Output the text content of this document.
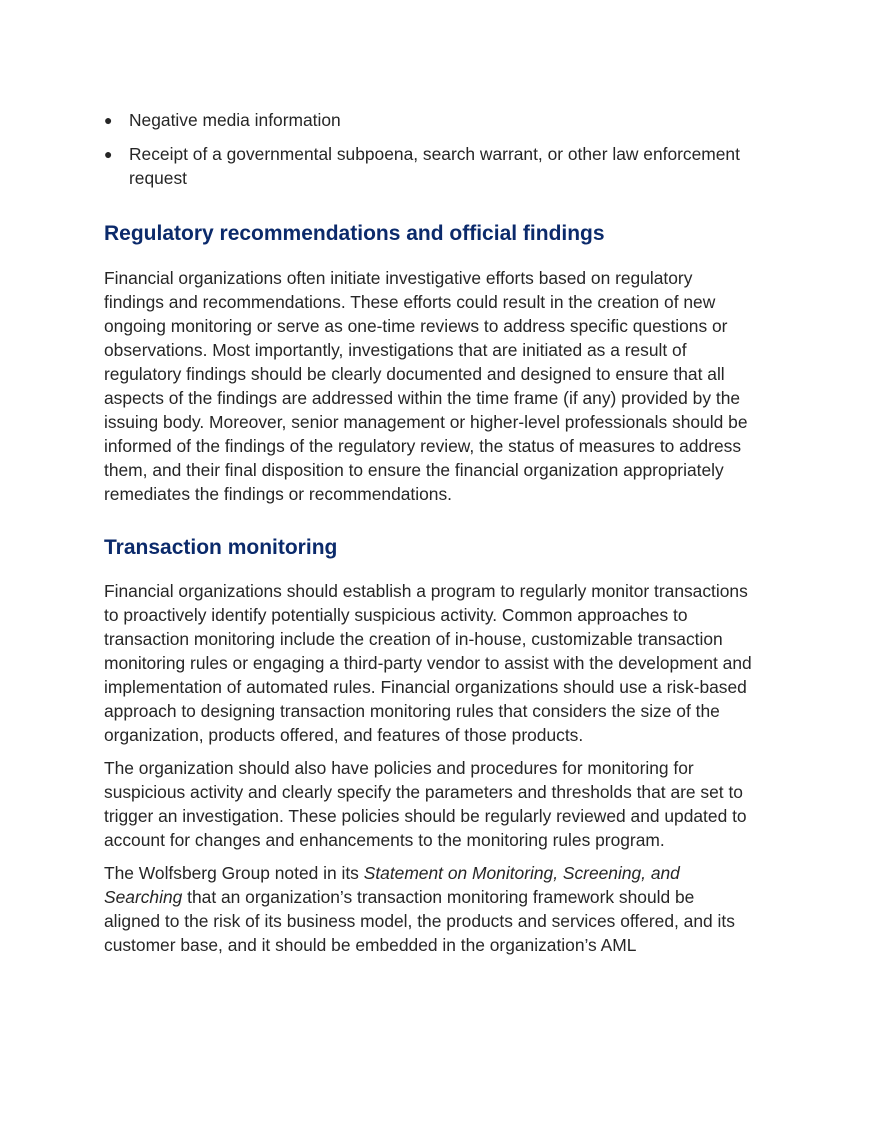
● Negative media information
● Receipt of a governmental subpoena, search warrant, or other law enforcement request
Regulatory recommendations and official findings

Financial organizations often initiate investigative efforts based on regulatory findings and recommendations. These efforts could result in the creation of new ongoing monitoring or serve as one-time reviews to address specific questions or observations. Most importantly, investigations that are initiated as a result of regulatory findings should be clearly documented and designed to ensure that all aspects of the findings are addressed within the time frame (if any) provided by the issuing body. Moreover, senior management or higher-level professionals should be informed of the findings of the regulatory review, the status of measures to address them, and their final disposition to ensure the financial organization appropriately remediates the findings or recommendations.

Transaction monitoring

Financial organizations should establish a program to regularly monitor transactions to proactively identify potentially suspicious activity. Common approaches to transaction monitoring include the creation of in-house, customizable transaction monitoring rules or engaging a third-party vendor to assist with the development and implementation of automated rules. Financial organizations should use a risk-based approach to designing transaction monitoring rules that considers the size of the organization, products offered, and features of those products.

The organization should also have policies and procedures for monitoring for suspicious activity and clearly specify the parameters and thresholds that are set to trigger an investigation. These policies should be regularly reviewed and updated to account for changes and enhancements to the monitoring rules program.

The Wolfsberg Group noted in its Statement on Monitoring, Screening, and Searching that an organization’s transaction monitoring framework should be aligned to the risk of its business model, the products and services offered, and its customer base, and it should be embedded in the organization’s AML
